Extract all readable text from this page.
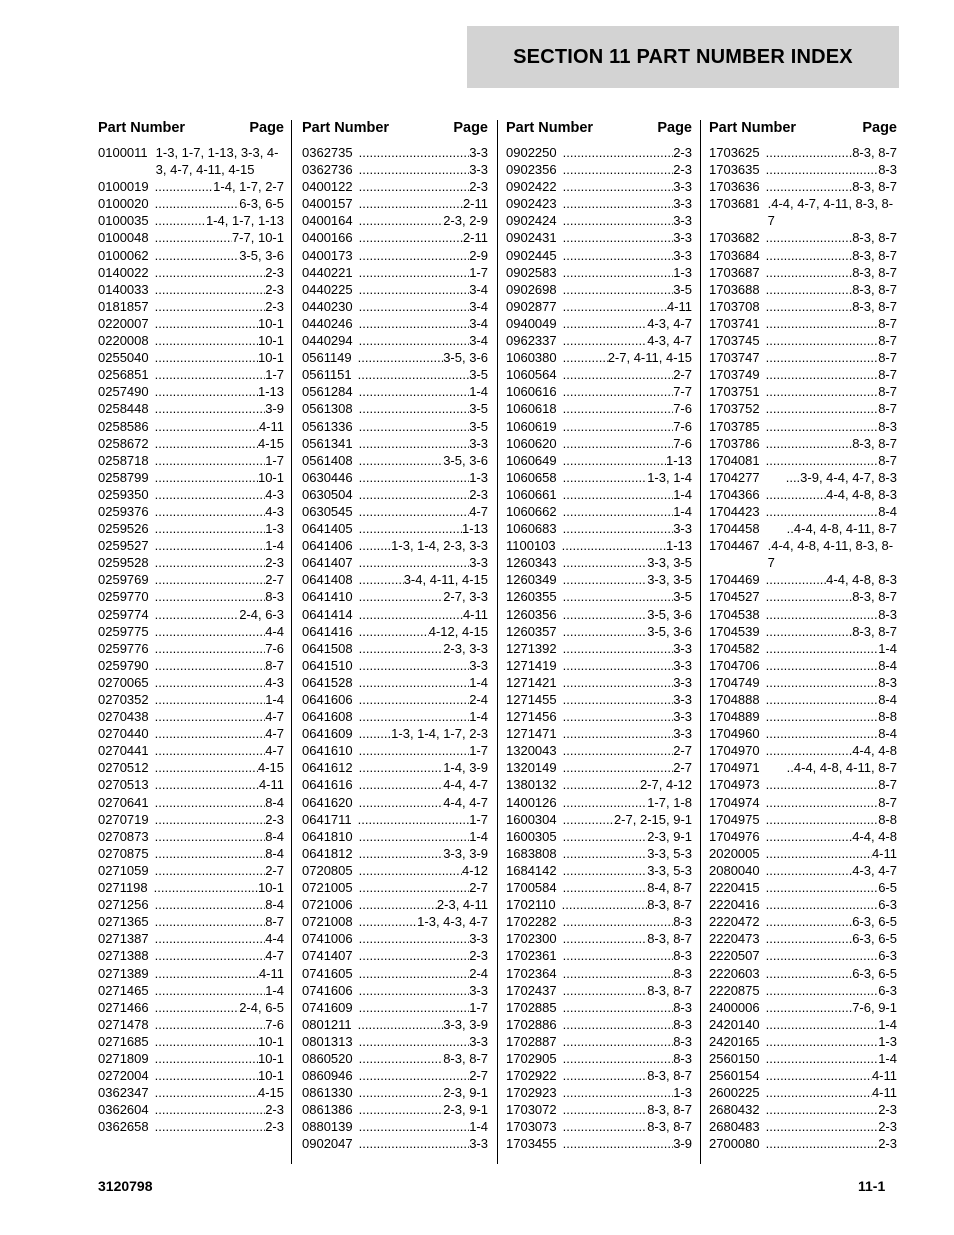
SECTION 11 PART NUMBER INDEX
Part Number	Page
0100011 1-3, 1-7, 1-13, 3-3, 4-3, 4-7, 4-11, 4-15
0100019 .....	1-4, 1-7, 2-7
0100020 .....	6-3, 6-5
0100035 .....	1-4, 1-7, 1-13
0100048 .....	7-7, 10-1
0100062 .....	3-5, 3-6
0140022 .....	2-3
0140033 .....	2-3
0181857 .....	2-3
0220007 .....	10-1
0220008 .....	10-1
0255040 .....	10-1
0256851 .....	1-7
0257490 .....	1-13
0258448 .....	3-9
0258586 .....	4-11
0258672 .....	4-15
0258718 .....	1-7
0258799 .....	10-1
0259350 .....	4-3
0259376 .....	4-3
0259526 .....	1-3
0259527 .....	1-4
0259528 .....	2-3
0259769 .....	2-7
0259770 .....	8-3
0259774 .....	2-4, 6-3
0259775 .....	4-4
0259776 .....	7-6
0259790 .....	8-7
0270065 .....	4-3
0270352 .....	1-4
0270438 .....	4-7
0270440 .....	4-7
0270441 .....	4-7
0270512 .....	4-15
0270513 .....	4-11
0270641 .....	8-4
0270719 .....	2-3
0270873 .....	8-4
0270875 .....	8-4
0271059 .....	2-7
0271198 .....	10-1
0271256 .....	8-4
0271365 .....	8-7
0271387 .....	4-4
0271388 .....	4-7
0271389 .....	4-11
0271465 .....	1-4
0271466 .....	2-4, 6-5
0271478 .....	7-6
0271685 .....	10-1
0271809 .....	10-1
0272004 .....	10-1
0362347 .....	4-15
0362604 .....	2-3
0362658 .....	2-3
Part Number	Page
0362735 .....	3-3
0362736 .....	3-3
0400122 .....	2-3
0400157 .....	2-11
0400164 .....	2-3, 2-9
0400166 .....	2-11
0400173 .....	2-9
0440221 .....	1-7
0440225 .....	3-4
0440230 .....	3-4
0440246 .....	3-4
0440294 .....	3-4
0561149 .....	3-5, 3-6
0561151 .....	3-5
0561284 .....	1-4
0561308 .....	3-5
0561336 .....	3-5
0561341 .....	3-3
0561408 .....	3-5, 3-6
0630446 .....	1-3
0630504 .....	2-3
0630545 .....	4-7
0641405 .....	1-13
0641406 .....	1-3, 1-4, 2-3, 3-3
0641407 .....	3-3
0641408 .....	3-4, 4-11, 4-15
0641410 .....	2-7, 3-3
0641414 .....	4-11
0641416 .....	4-12, 4-15
0641508 .....	2-3, 3-3
0641510 .....	3-3
0641528 .....	1-4
0641606 .....	2-4
0641608 .....	1-4
0641609 .....	1-3, 1-4, 1-7, 2-3
0641610 .....	1-7
0641612 .....	1-4, 3-9
0641616 .....	4-4, 4-7
0641620 .....	4-4, 4-7
0641711 .....	1-7
0641810 .....	1-4
0641812 .....	3-3, 3-9
0720805 .....	4-12
0721005 .....	2-7
0721006 .....	2-3, 4-11
0721008 .....	1-3, 4-3, 4-7
0741006 .....	3-3
0741407 .....	2-3
0741605 .....	2-4
0741606 .....	3-3
0741609 .....	1-7
0801211 .....	3-3, 3-9
0801313 .....	3-3
0860520 .....	8-3, 8-7
0860946 .....	2-7
0861330 .....	2-3, 9-1
0861386 .....	2-3, 9-1
0880139 .....	1-4
0902047 .....	3-3
Part Number	Page
0902250 .....	2-3
0902356 .....	2-3
0902422 .....	3-3
0902423 .....	3-3
0902424 .....	3-3
0902431 .....	3-3
0902445 .....	3-3
0902583 .....	1-3
0902698 .....	3-5
0902877 .....	4-11
0940049 .....	4-3, 4-7
0962337 .....	4-3, 4-7
1060380 .....	2-7, 4-11, 4-15
1060564 .....	2-7
1060616 .....	7-7
1060618 .....	7-6
1060619 .....	7-6
1060620 .....	7-6
1060649 .....	1-13
1060658 .....	1-3, 1-4
1060661 .....	1-4
1060662 .....	1-4
1060683 .....	3-3
1100103 .....	1-13
1260343 .....	3-3, 3-5
1260349 .....	3-3, 3-5
1260355 .....	3-5
1260356 .....	3-5, 3-6
1260357 .....	3-5, 3-6
1271392 .....	3-3
1271419 .....	3-3
1271421 .....	3-3
1271455 .....	3-3
1271456 .....	3-3
1271471 .....	3-3
1320043 .....	2-7
1320149 .....	2-7
1380132 .....	2-7, 4-12
1400126 .....	1-7, 1-8
1600304 .....	2-7, 2-15, 9-1
1600305 .....	2-3, 9-1
1683808 .....	3-3, 5-3
1684142 .....	3-3, 5-3
1700584 .....	8-4, 8-7
1702110 .....	8-3, 8-7
1702282 .....	8-3
1702300 .....	8-3, 8-7
1702361 .....	8-3
1702364 .....	8-3
1702437 .....	8-3, 8-7
1702885 .....	8-3
1702886 .....	8-3
1702887 .....	8-3
1702905 .....	8-3
1702922 .....	8-3, 8-7
1702923 .....	1-3
1703072 .....	8-3, 8-7
1703073 .....	8-3, 8-7
1703455 .....	3-9
Part Number	Page
1703625 .....	8-3, 8-7
1703635 .....	8-3
1703636 .....	8-3, 8-7
1703681 .4-4, 4-7, 4-11, 8-3, 8-7
1703682 .....	8-3, 8-7
1703684 .....	8-3, 8-7
1703687 .....	8-3, 8-7
1703688 .....	8-3, 8-7
1703708 .....	8-3, 8-7
1703741 .....	8-7
1703745 .....	8-7
1703747 .....	8-7
1703749 .....	8-7
1703751 .....	8-7
1703752 .....	8-7
1703785 .....	8-3
1703786 .....	8-3, 8-7
1704081 .....	8-7
1704277 ....3-9, 4-4, 4-7, 8-3
1704366 .....	4-4, 4-8, 8-3
1704423 .....	8-4
1704458 ..4-4, 4-8, 4-11, 8-7
1704467 .4-4, 4-8, 4-11, 8-3, 8-7
1704469 .....	4-4, 4-8, 8-3
1704527 .....	8-3, 8-7
1704538 .....	8-3
1704539 .....	8-3, 8-7
1704582 .....	1-4
1704706 .....	8-4
1704749 .....	8-3
1704888 .....	8-4
1704889 .....	8-8
1704960 .....	8-4
1704970 .....	4-4, 4-8
1704971 ..4-4, 4-8, 4-11, 8-7
1704973 .....	8-7
1704974 .....	8-7
1704975 .....	8-8
1704976 .....	4-4, 4-8
2020005 .....	4-11
2080040 .....	4-3, 4-7
2220415 .....	6-5
2220416 .....	6-3
2220472 .....	6-3, 6-5
2220473 .....	6-3, 6-5
2220507 .....	6-3
2220603 .....	6-3, 6-5
2220875 .....	6-3
2400006 .....	7-6, 9-1
2420140 .....	1-4
2420165 .....	1-3
2560150 .....	1-4
2560154 .....	4-11
2600225 .....	4-11
2680432 .....	2-3
2680483 .....	2-3
2700080 .....	2-3
3120798	11-1
